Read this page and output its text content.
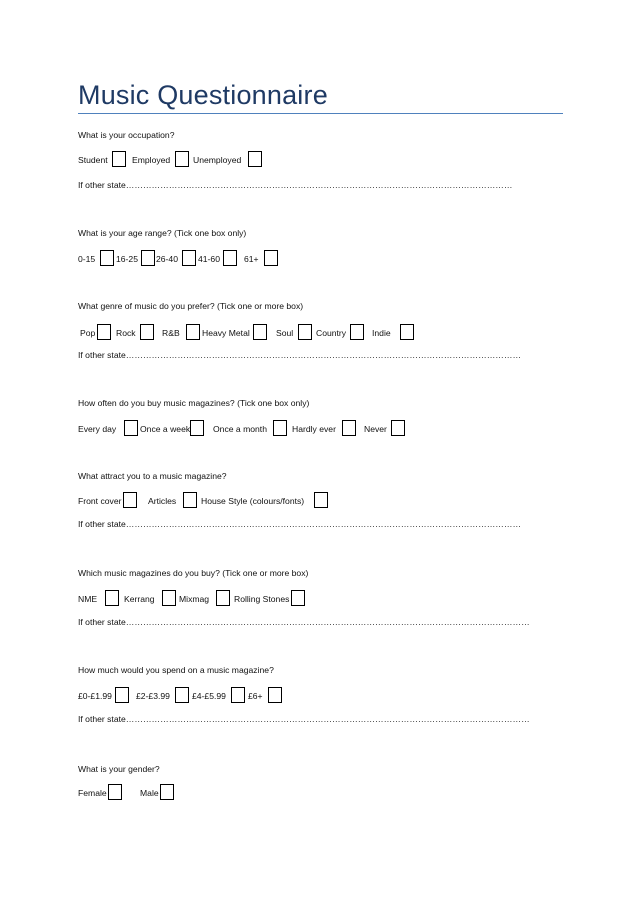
Music Questionnaire
What is your occupation?
Student	Employed	Unemployed
If other state………………………………………………………………………………………………………………………
What is your age range? (Tick one box only)
0-15 16-25 26-40 41-60	61+
What genre of music do you prefer? (Tick one or more box)
Pop Rock	R&B	Heavy Metal	Soul	Country	Indie
If other state…………………………………………………………………………………………………………………………
How often do you buy music magazines? (Tick one box only)
Every day	Once a week	Once a month	Hardly ever	Never
What attract you to a music magazine?
Front cover	Articles	House Style (colours/fonts)
If other state…………………………………………………………………………………………………………………………
Which music magazines do you buy? (Tick one or more box)
NME	Kerrang	Mixmag	Rolling Stones
If other state……………………………………………………………………………………………………………………………
How much would you spend on a music magazine?
£0-£1.99	£2-£3.99	£4-£5.99	£6+
If other state……………………………………………………………………………………………………………………………
What is your gender?
Female	Male
